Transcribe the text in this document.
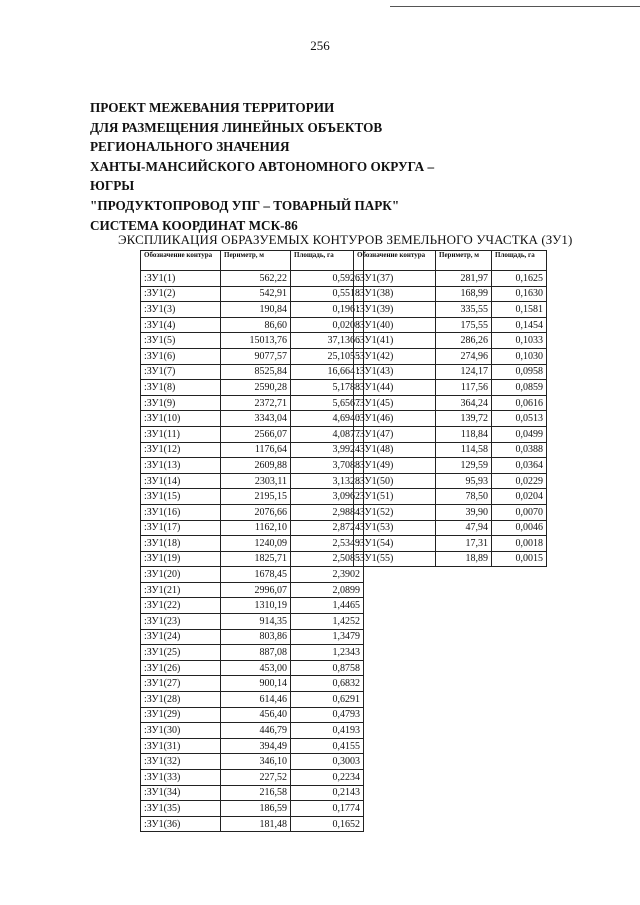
256
ПРОЕКТ МЕЖЕВАНИЯ ТЕРРИТОРИИ
ДЛЯ РАЗМЕЩЕНИЯ ЛИНЕЙНЫХ ОБЪЕКТОВ
РЕГИОНАЛЬНОГО ЗНАЧЕНИЯ
ХАНТЫ-МАНСИЙСКОГО АВТОНОМНОГО ОКРУГА –
ЮГРЫ
"ПРОДУКТОПРОВОД УПГ – ТОВАРНЫЙ ПАРК"
СИСТЕМА КООРДИНАТ МСК-86
ЭКСПЛИКАЦИЯ ОБРАЗУЕМЫХ КОНТУРОВ ЗЕМЕЛЬНОГО УЧАСТКА (ЗУ1)
Обозначение контура	Периметр, м	Площадь, га
:ЗУ1(1)	562,22	0,5926
:ЗУ1(2)	542,91	0,5518
:ЗУ1(3)	190,84	0,1961
:ЗУ1(4)	86,60	0,0208
:ЗУ1(5)	15013,76	37,1366
:ЗУ1(6)	9077,57	25,1055
:ЗУ1(7)	8525,84	16,6641
:ЗУ1(8)	2590,28	5,1788
:ЗУ1(9)	2372,71	5,6567
:ЗУ1(10)	3343,04	4,6940
:ЗУ1(11)	2566,07	4,0877
:ЗУ1(12)	1176,64	3,9924
:ЗУ1(13)	2609,88	3,7088
:ЗУ1(14)	2303,11	3,1328
:ЗУ1(15)	2195,15	3,0962
:ЗУ1(16)	2076,66	2,9884
:ЗУ1(17)	1162,10	2,8724
:ЗУ1(18)	1240,09	2,5349
:ЗУ1(19)	1825,71	2,5085
:ЗУ1(20)	1678,45	2,3902
:ЗУ1(21)	2996,07	2,0899
:ЗУ1(22)	1310,19	1,4465
:ЗУ1(23)	914,35	1,4252
:ЗУ1(24)	803,86	1,3479
:ЗУ1(25)	887,08	1,2343
:ЗУ1(26)	453,00	0,8758
:ЗУ1(27)	900,14	0,6832
:ЗУ1(28)	614,46	0,6291
:ЗУ1(29)	456,40	0,4793
:ЗУ1(30)	446,79	0,4193
:ЗУ1(31)	394,49	0,4155
:ЗУ1(32)	346,10	0,3003
:ЗУ1(33)	227,52	0,2234
:ЗУ1(34)	216,58	0,2143
:ЗУ1(35)	186,59	0,1774
:ЗУ1(36)	181,48	0,1652
Обозначение контура	Периметр, м	Площадь, га
:ЗУ1(37)	281,97	0,1625
:ЗУ1(38)	168,99	0,1630
:ЗУ1(39)	335,55	0,1581
:ЗУ1(40)	175,55	0,1454
:ЗУ1(41)	286,26	0,1033
:ЗУ1(42)	274,96	0,1030
:ЗУ1(43)	124,17	0,0958
:ЗУ1(44)	117,56	0,0859
:ЗУ1(45)	364,24	0,0616
:ЗУ1(46)	139,72	0,0513
:ЗУ1(47)	118,84	0,0499
:ЗУ1(48)	114,58	0,0388
:ЗУ1(49)	129,59	0,0364
:ЗУ1(50)	95,93	0,0229
:ЗУ1(51)	78,50	0,0204
:ЗУ1(52)	39,90	0,0070
:ЗУ1(53)	47,94	0,0046
:ЗУ1(54)	17,31	0,0018
:ЗУ1(55)	18,89	0,0015
